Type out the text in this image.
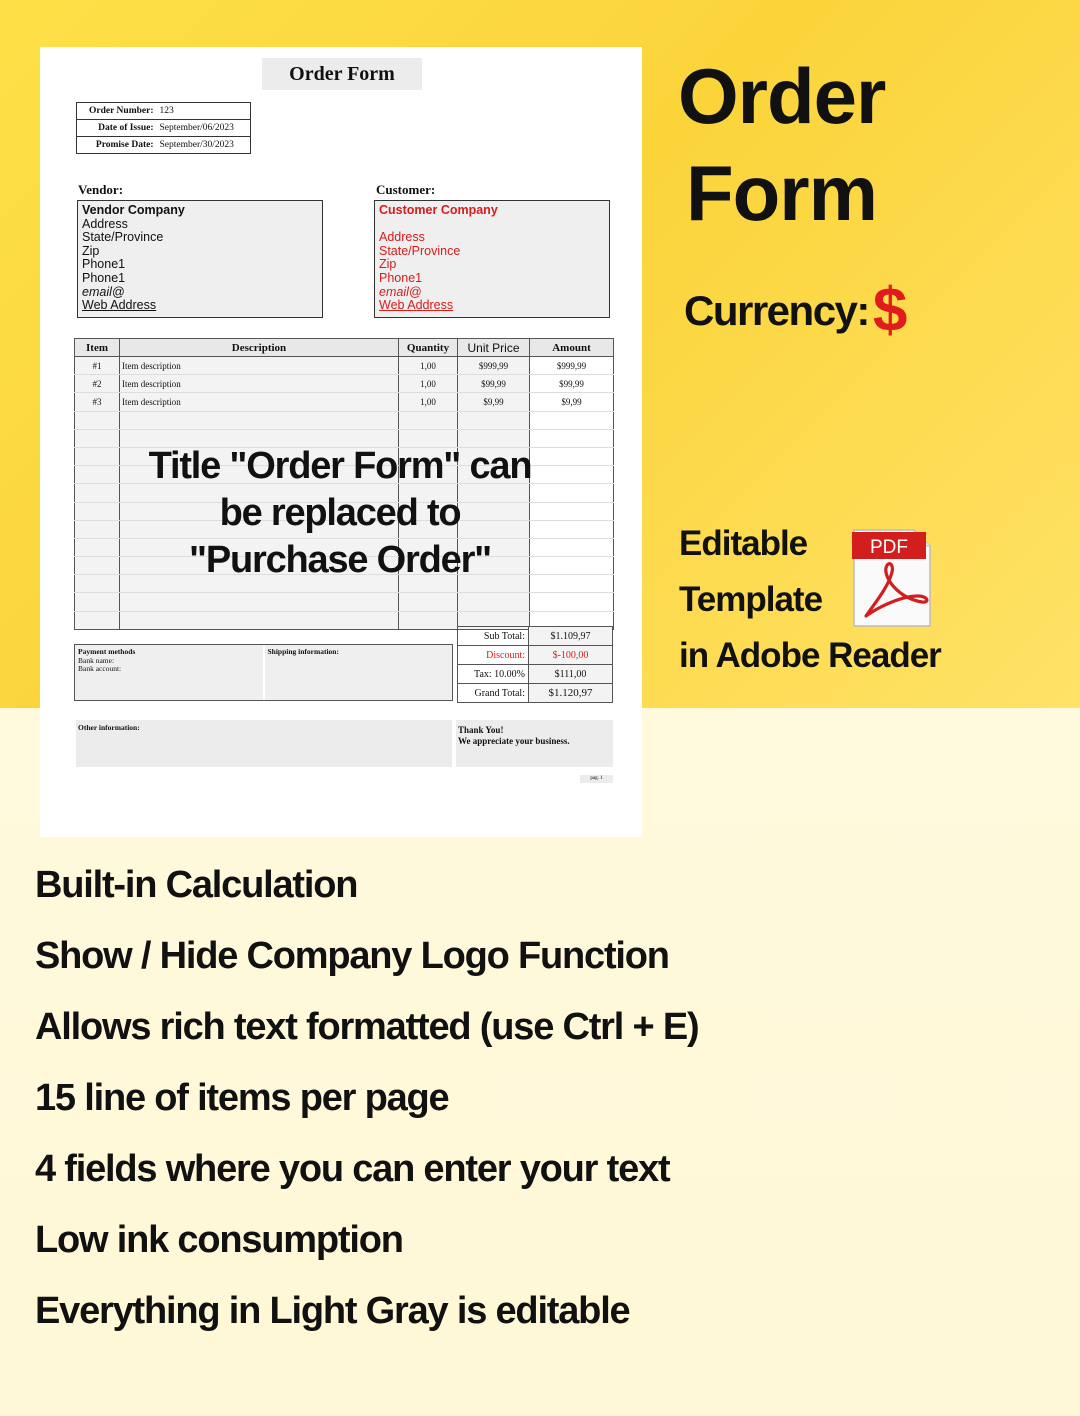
Order Form
Order Number:	123
Date of Issue:	September/06/2023
Promise Date:	September/30/2023
Vendor:
Vendor Company
Address
State/Province
Zip
Phone1
Phone1
email@
Web Address
Customer:
Customer Company
Address
State/Province
Zip
Phone1
email@
Web Address
Item	Description	Quantity	Unit Price	Amount
#1	Item description	1,00	$999,99	$999,99
#2	Item description	1,00	$99,99	$99,99
#3	Item description	1,00	$9,99	$9,99

Title "Order Form" can
be replaced to
"Purchase Order"
Sub Total:	$1.109,97
Discount:	$-100,00
Tax: 10.00%	$111,00
Grand Total:	$1.120,97
Payment methods
Bank name:
Bank account:
Shipping information:
Other information:	Thank You!
We appreciate your business.
pag. 1
Order
Form
Currency: $
Editable
Template
in Adobe Reader
PDF
Built-in Calculation
Show / Hide Company Logo Function
Allows rich text formatted (use Ctrl + E)
15 line of items per page
4 fields where you can enter your text
Low ink consumption
Everything in Light Gray is editable
